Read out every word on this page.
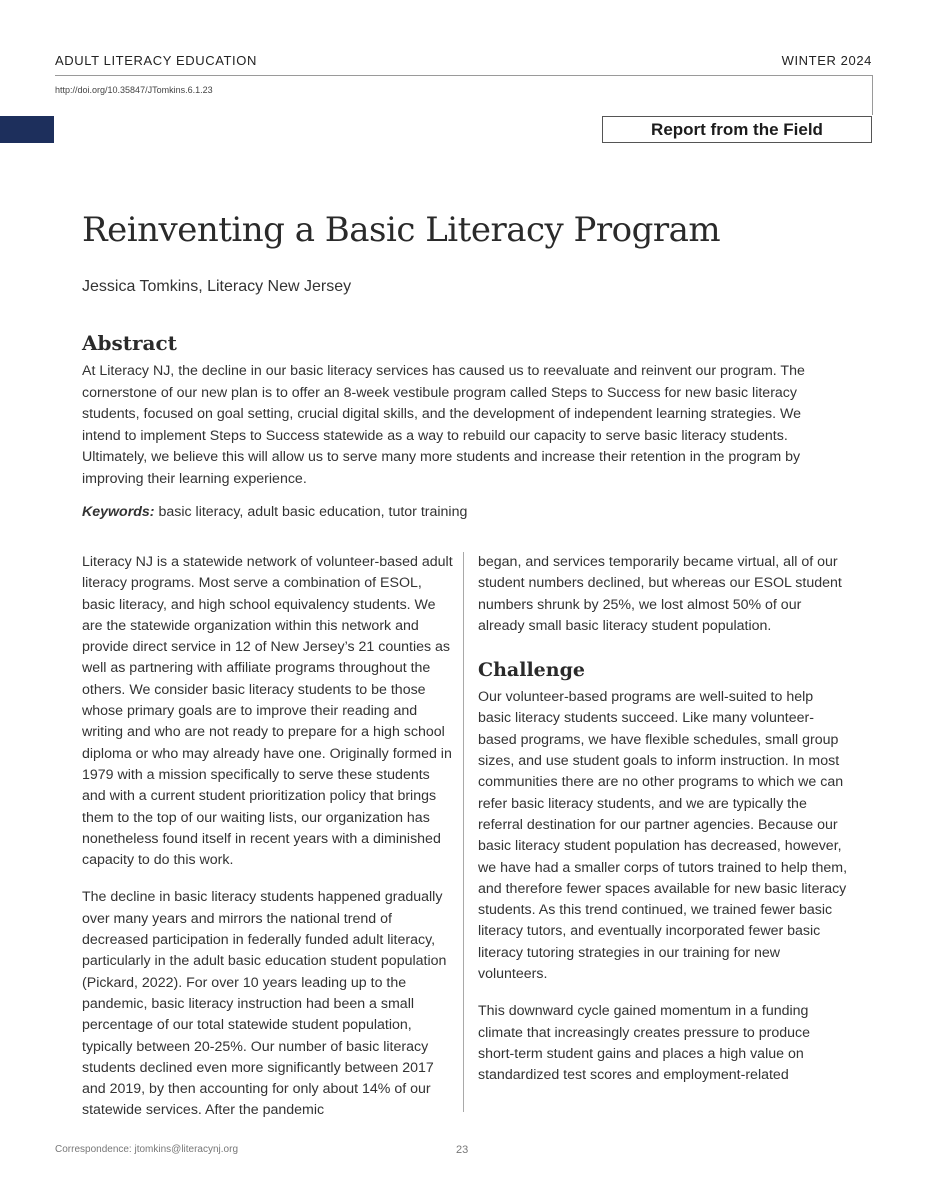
ADULT LITERACY EDUCATION	WINTER 2024
http://doi.org/10.35847/JTomkins.6.1.23
Report from the Field
Reinventing a Basic Literacy Program
Jessica Tomkins, Literacy New Jersey
Abstract

At Literacy NJ, the decline in our basic literacy services has caused us to reevaluate and reinvent our program. The cornerstone of our new plan is to offer an 8-week vestibule program called Steps to Success for new basic literacy students, focused on goal setting, crucial digital skills, and the development of independent learning strategies. We intend to implement Steps to Success statewide as a way to rebuild our capacity to serve basic literacy students. Ultimately, we believe this will allow us to serve many more students and increase their retention in the program by improving their learning experience.

Keywords: basic literacy, adult basic education, tutor training

Literacy NJ is a statewide network of volunteer-based adult literacy programs. Most serve a combination of ESOL, basic literacy, and high school equivalency students. We are the statewide organization within this network and provide direct service in 12 of New Jersey’s 21 counties as well as partnering with affiliate programs throughout the others. We consider basic literacy students to be those whose primary goals are to improve their reading and writing and who are not ready to prepare for a high school diploma or who may already have one. Originally formed in 1979 with a mission specifically to serve these students and with a current student prioritization policy that brings them to the top of our waiting lists, our organization has nonetheless found itself in recent years with a diminished capacity to do this work.

The decline in basic literacy students happened gradually over many years and mirrors the national trend of decreased participation in federally funded adult literacy, particularly in the adult basic education student population (Pickard, 2022). For over 10 years leading up to the pandemic, basic literacy instruction had been a small percentage of our total statewide student population, typically between 20-25%. Our number of basic literacy students declined even more significantly between 2017 and 2019, by then accounting for only about 14% of our statewide services. After the pandemic

began, and services temporarily became virtual, all of our student numbers declined, but whereas our ESOL student numbers shrunk by 25%, we lost almost 50% of our already small basic literacy student population.

Challenge

Our volunteer-based programs are well-suited to help basic literacy students succeed. Like many volunteer-based programs, we have flexible schedules, small group sizes, and use student goals to inform instruction. In most communities there are no other programs to which we can refer basic literacy students, and we are typically the referral destination for our partner agencies. Because our basic literacy student population has decreased, however, we have had a smaller corps of tutors trained to help them, and therefore fewer spaces available for new basic literacy students. As this trend continued, we trained fewer basic literacy tutors, and eventually incorporated fewer basic literacy tutoring strategies in our training for new volunteers.

This downward cycle gained momentum in a funding climate that increasingly creates pressure to produce short-term student gains and places a high value on standardized test scores and employment-related

Correspondence: jtomkins@literacynj.org	23
